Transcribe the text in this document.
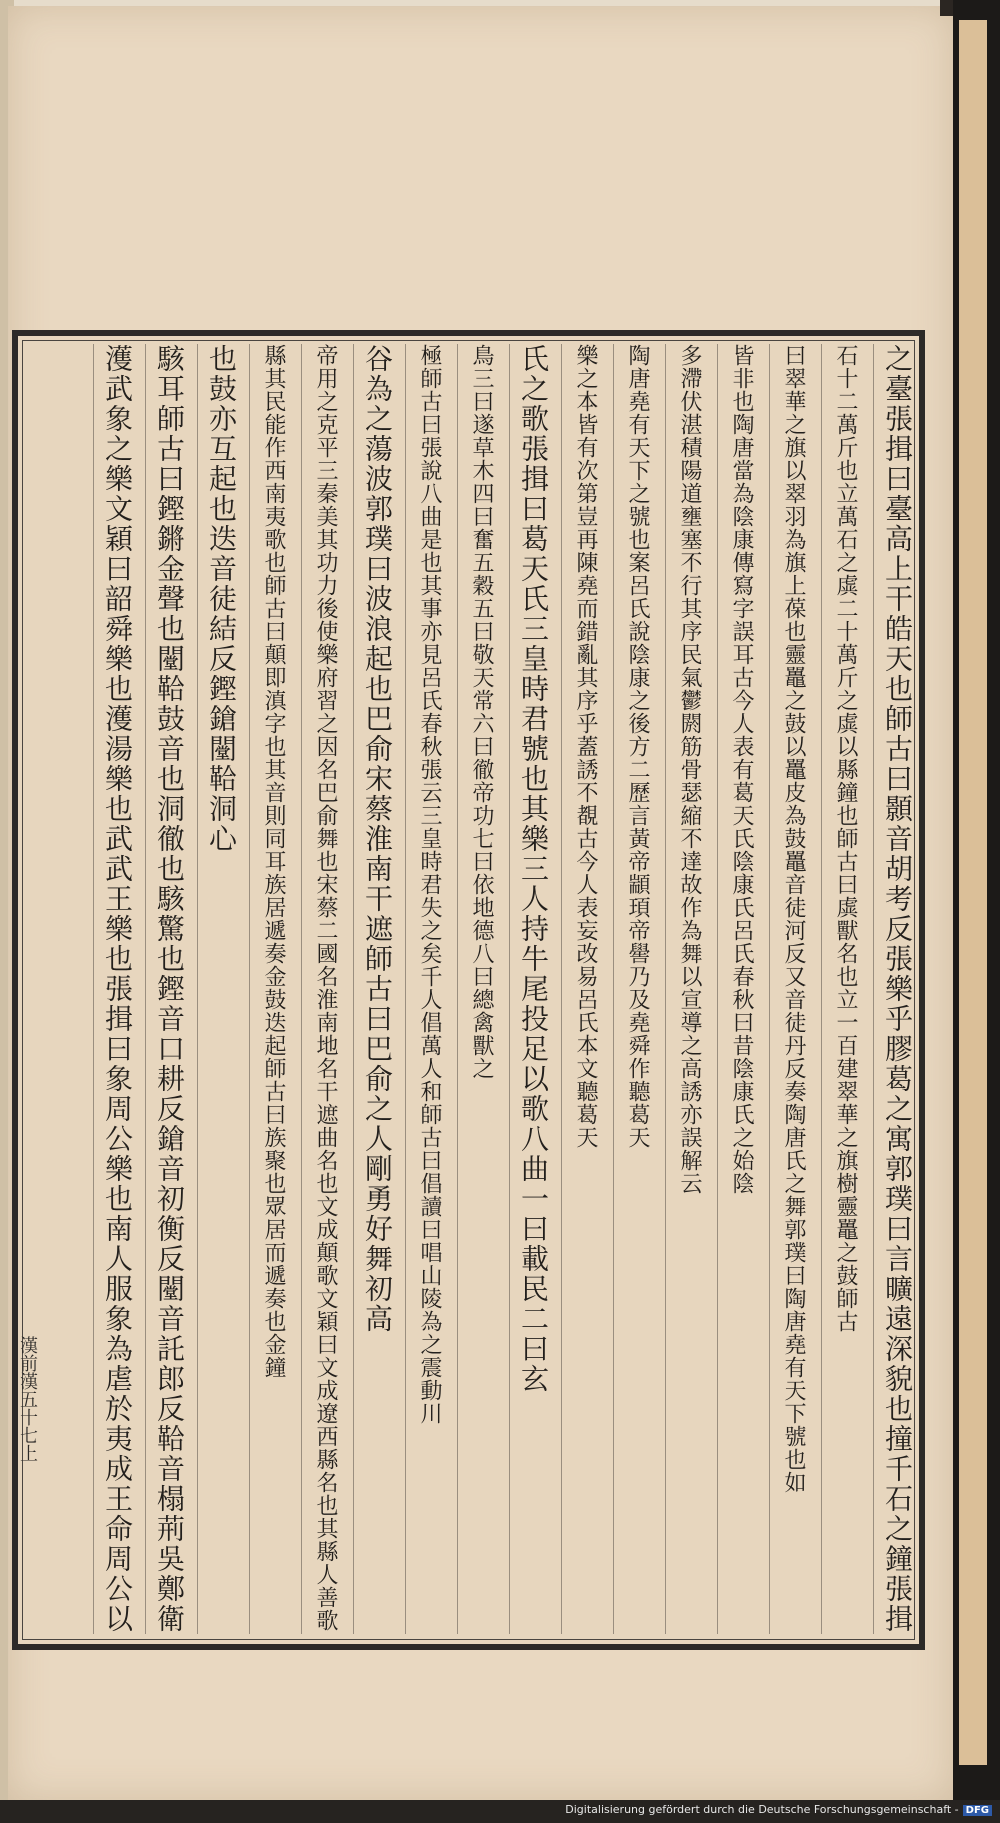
之臺張揖曰臺高上干皓天也師古曰顥音胡考反張樂乎膠葛之寓郭璞曰言曠遠深貌也撞千石之鐘張揖
石十二萬斤也立萬石之虡二十萬斤之虡以縣鐘也師古曰虡獸名也立一百建翠華之旗樹靈鼉之鼓師古
曰翠華之旗以翠羽為旗上葆也靈鼉之鼓以鼉皮為鼓鼉音徒河反又音徒丹反奏陶唐氏之舞郭璞曰陶唐堯有天下號也如
皆非也陶唐當為陰康傳寫字誤耳古今人表有葛天氏陰康氏呂氏春秋曰昔陰康氏之始陰
多滯伏湛積陽道壅塞不行其序民氣鬱閼筋骨瑟縮不達故作為舞以宣導之高誘亦誤解云
陶唐堯有天下之號也案呂氏說陰康之後方二歷言黃帝顓頊帝嚳乃及堯舜作聽葛天
樂之本皆有次第豈再陳堯而錯亂其序乎蓋誘不覩古今人表妄改易呂氏本文聽葛天
氏之歌張揖曰葛天氏三皇時君號也其樂三人持牛尾投足以歌八曲一曰載民二曰玄
鳥三曰遂草木四曰奮五穀五曰敬天常六曰徹帝功七曰依地德八曰總禽獸之
極師古曰張說八曲是也其事亦見呂氏春秋張云三皇時君失之矣千人倡萬人和師古曰倡讀曰唱山陵為之震動川
谷為之蕩波郭璞曰波浪起也巴俞宋蔡淮南干遮師古曰巴俞之人剛勇好舞初高
帝用之克平三秦美其功力後使樂府習之因名巴俞舞也宋蔡二國名淮南地名干遮曲名也文成顛歌文穎曰文成遼西縣名也其縣人善歌
縣其民能作西南夷歌也師古曰顛即滇字也其音則同耳族居遞奏金鼓迭起師古曰族聚也眾居而遞奏也金鐘
也鼓亦互起也迭音徒結反鏗鎗闛鞈洞心
駭耳師古曰鏗鏘金聲也闛鞈鼓音也洞徹也駭驚也鏗音口耕反鎗音初衡反闛音託郎反鞈音榻荊吳鄭衛
濩武象之樂文穎曰韶舜樂也濩湯樂也武武王樂也張揖曰象周公樂也南人服象為虐於夷成王命周公以
漢前漢五十七上
Digitalisierung gefördert durch die Deutsche Forschungsgemeinschaft - DFG
